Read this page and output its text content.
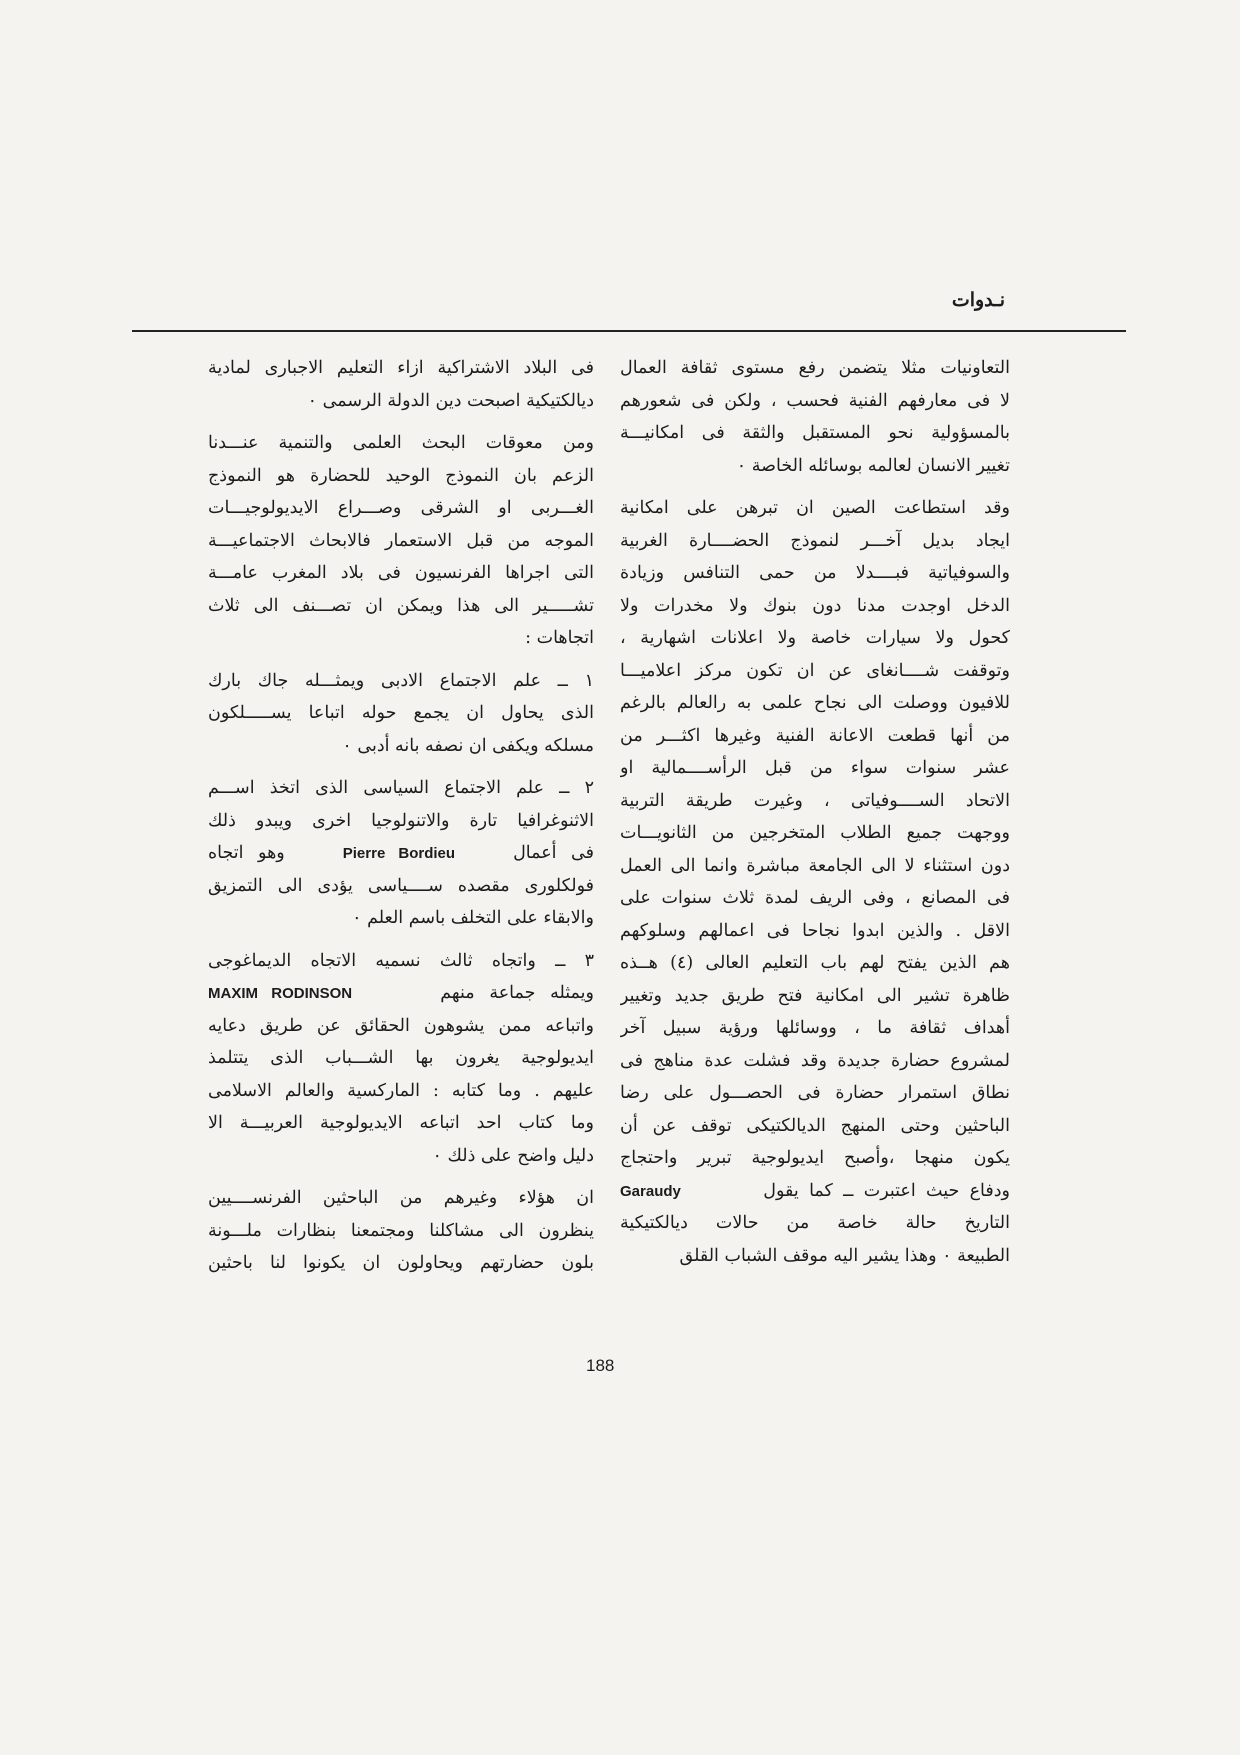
نـدوات
التعاونيات مثلا يتضمن رفع مستوى ثقافة العمال
لا فى معارفهم الفنية فحسب ، ولكن فى شعورهم
بالمسؤولية نحو المستقبل والثقة فى امكانيـــة
تغيير الانسان لعالمه بوسائله الخاصة ٠
وقد استطاعت الصين ان تبرهن على امكانية
ايجاد بديل آخـــر لنموذج الحضــــارة الغربية
والسوفياتية فبــــدلا من حمى التنافس وزيادة
الدخل اوجدت مدنا دون بنوك ولا مخدرات ولا
كحول ولا سيارات خاصة ولا اعلانات اشهارية ،
وتوقفت شــــانغاى عن ان تكون مركز اعلاميـــا
للافيون ووصلت الى نجاح علمى به رالعالم بالرغم
من أنها قطعت الاعانة الفنية وغيرها اكثـــر من
عشر سنوات سواء من قبل الرأســــمالية او
الاتحاد الســــوفياتى ، وغيرت طريقة التربية
ووجهت جميع الطلاب المتخرجين من الثانويـــات
دون استثناء لا الى الجامعة مباشرة وانما الى العمل
فى المصانع ، وفى الريف لمدة ثلاث سنوات على
الاقل . والذين ابدوا نجاحا فى اعمالهم وسلوكهم
هم الذين يفتح لهم باب التعليم العالى (٤) هــذه
ظاهرة تشير الى امكانية فتح طريق جديد وتغيير
أهداف ثقافة ما ، ووسائلها ورؤية سبيل آخر
لمشروع حضارة جديدة وقد فشلت عدة مناهج فى
نطاق استمرار حضارة فى الحصـــول على رضا
الباحثين وحتى المنهج الديالكتيكى توقف عن أن
يكون منهجا ،وأصبح ايديولوجية تبرير واحتجاج
ودفاع حيث اعتبرت ــ كما يقول        Garaudy
التاريخ حالة خاصة من حالات ديالكتيكية
الطبيعة ٠ وهذا يشير اليه موقف الشباب القلق
فى البلاد الاشتراكية ازاء التعليم الاجبارى لمادية
ديالكتيكية اصبحت دين الدولة الرسمى ٠
ومن معوقات البحث العلمى والتنمية عنـــدنا
الزعم بان النموذج الوحيد للحضارة هو النموذج
الغـــربى او الشرقى وصـــراع الايديولوجيـــات
الموجه من قبل الاستعمار فالابحاث الاجتماعيـــة
التى اجراها الفرنسيون فى بلاد المغرب عامـــة
تشـــــير الى هذا ويمكن ان تصـــنف الى ثلاث
اتجاهات :
١ ــ علم الاجتماع الادبى ويمثـــله جاك بارك
الذى يحاول ان يجمع حوله اتباعا يســـــلكون
مسلكه ويكفى ان نصفه بانه أدبى ٠
٢ ــ علم الاجتماع السياسى الذى اتخذ اســـم
الاثنوغرافيا تارة والاتنولوجيا اخرى ويبدو ذلك
فى أعمال    Pierre Bordieu    وهو اتجاه
فولكلورى مقصده ســــياسى يؤدى الى التمزيق
والابقاء على التخلف باسم العلم ٠
٣ ــ واتجاه ثالث نسميه الاتجاه الديماغوجى
ويمثله جماعة منهم      MAXIM RODINSON
واتباعه ممن يشوهون الحقائق عن طريق دعايه
ايديولوجية يغرون بها الشـــباب الذى يتتلمذ
عليهم . وما كتابه : الماركسية والعالم الاسلامى
وما كتاب احد اتباعه الايديولوجية العربيـــة الا
دليل واضح على ذلك ٠
ان هؤلاء وغيرهم من الباحثين الفرنســــيين
ينظرون الى مشاكلنا ومجتمعنا بنظارات ملـــونة
بلون حضارتهم ويحاولون ان يكونوا لنا باحثين
188
